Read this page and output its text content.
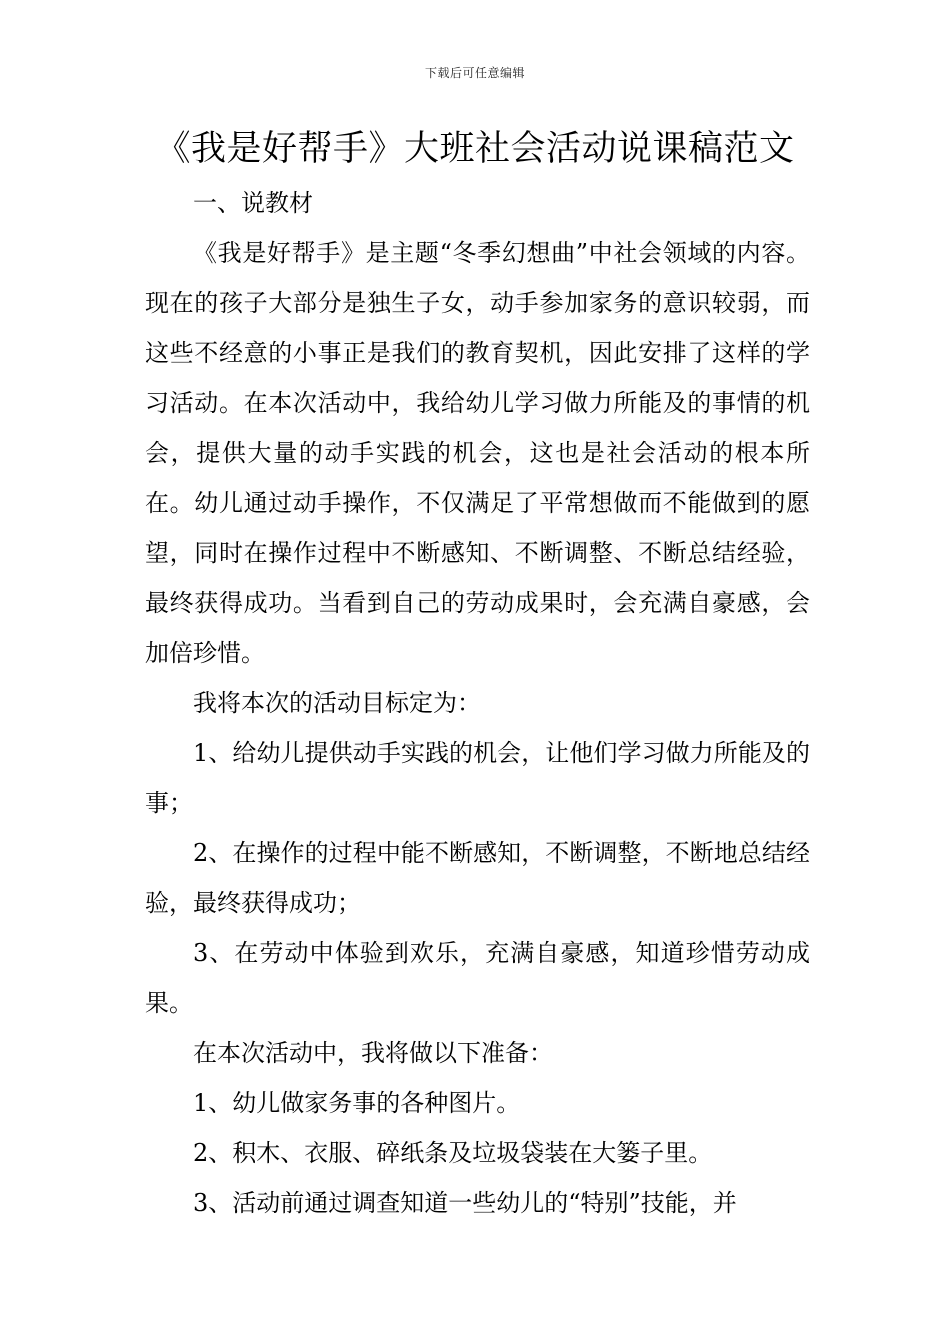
下载后可任意编辑
《我是好帮手》大班社会活动说课稿范文

一、说教材

《我是好帮手》是主题“冬季幻想曲”中社会领域的内容。现在的孩子大部分是独生子女，动手参加家务的意识较弱，而这些不经意的小事正是我们的教育契机，因此安排了这样的学习活动。在本次活动中，我给幼儿学习做力所能及的事情的机会，提供大量的动手实践的机会，这也是社会活动的根本所在。幼儿通过动手操作，不仅满足了平常想做而不能做到的愿望，同时在操作过程中不断感知、不断调整、不断总结经验，最终获得成功。当看到自己的劳动成果时，会充满自豪感，会加倍珍惜。

我将本次的活动目标定为：

1、给幼儿提供动手实践的机会，让他们学习做力所能及的事；

2、在操作的过程中能不断感知，不断调整，不断地总结经验，最终获得成功；

3、在劳动中体验到欢乐，充满自豪感，知道珍惜劳动成果。

在本次活动中，我将做以下准备：

1、幼儿做家务事的各种图片。

2、积木、衣服、碎纸条及垃圾袋装在大篓子里。

3、活动前通过调查知道一些幼儿的“特别”技能，并
